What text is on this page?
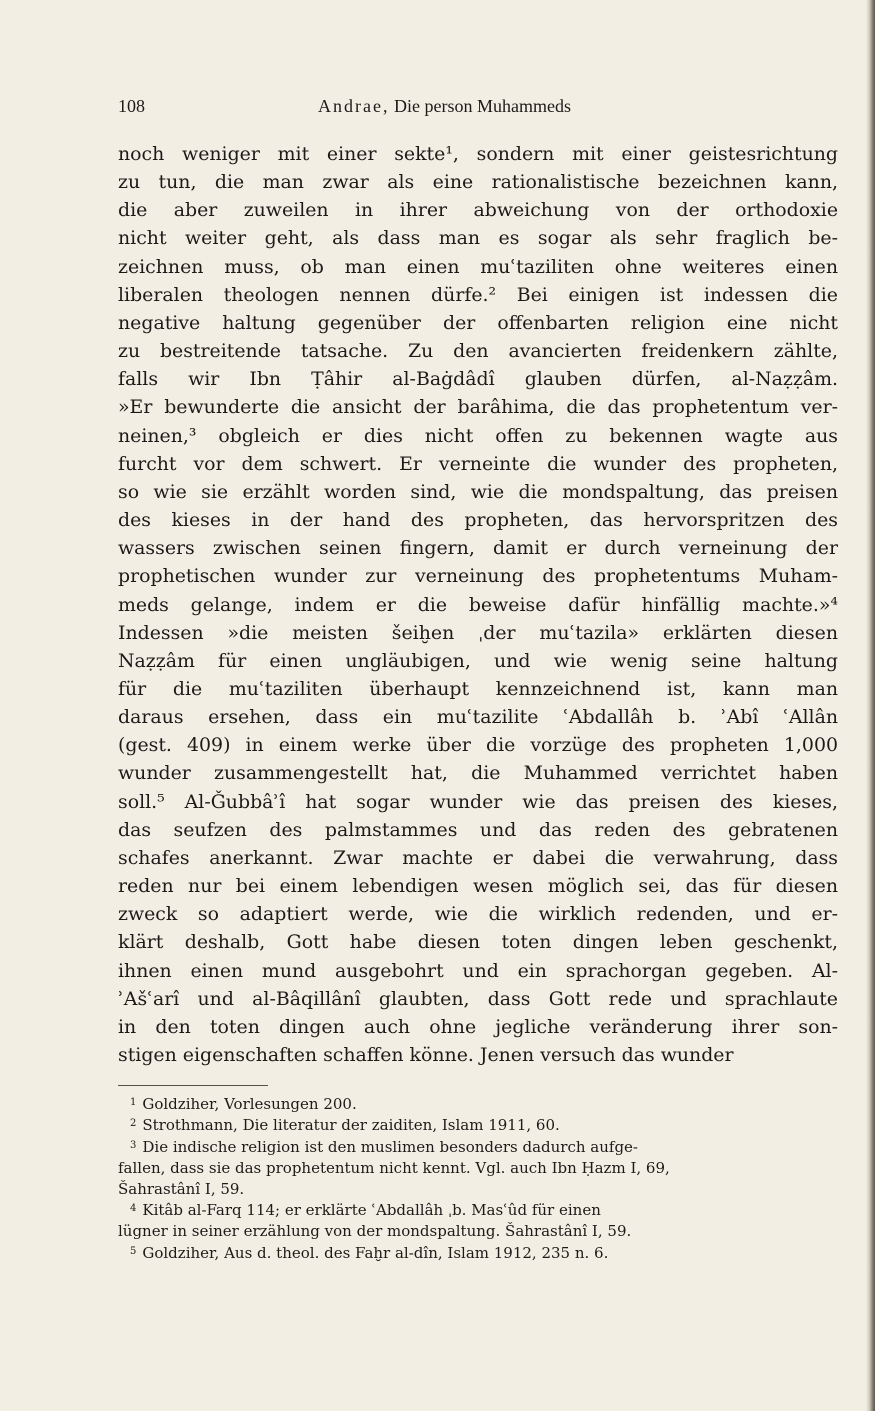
108	Andrae, Die person Muhammeds
noch weniger mit einer sekte¹, sondern mit einer geistesrichtung
zu tun, die man zwar als eine rationalistische bezeichnen kann,
die aber zuweilen in ihrer abweichung von der orthodoxie
nicht weiter geht, als dass man es sogar als sehr fraglich be-
zeichnen muss, ob man einen muʿtaziliten ohne weiteres einen
liberalen theologen nennen dürfe.² Bei einigen ist indessen die
negative haltung gegenüber der offenbarten religion eine nicht
zu bestreitende tatsache. Zu den avancierten freidenkern zählte,
falls wir Ibn Ṭâhir al-Baġdâdî glauben dürfen, al-Naẓẓâm.
»Er bewunderte die ansicht der barâhima, die das prophetentum ver-
neinen,³ obgleich er dies nicht offen zu bekennen wagte aus
furcht vor dem schwert. Er verneinte die wunder des propheten,
so wie sie erzählt worden sind, wie die mondspaltung, das preisen
des kieses in der hand des propheten, das hervorspritzen des
wassers zwischen seinen fingern, damit er durch verneinung der
prophetischen wunder zur verneinung des prophetentums Muham-
meds gelange, indem er die beweise dafür hinfällig machte.»⁴
Indessen »die meisten šeiḫen ˌder muʿtazila» erklärten diesen
Naẓẓâm für einen ungläubigen, und wie wenig seine haltung
für die muʿtaziliten überhaupt kennzeichnend ist, kann man
daraus ersehen, dass ein muʿtazilite ʿAbdallâh b. ʾAbî ʿAllân
(gest. 409) in einem werke über die vorzüge des propheten 1,000
wunder zusammengestellt hat, die Muhammed verrichtet haben
soll.⁵ Al-Ǧubbâʾî hat sogar wunder wie das preisen des kieses,
das seufzen des palmstammes und das reden des gebratenen
schafes anerkannt. Zwar machte er dabei die verwahrung, dass
reden nur bei einem lebendigen wesen möglich sei, das für diesen
zweck so adaptiert werde, wie die wirklich redenden, und er-
klärt deshalb, Gott habe diesen toten dingen leben geschenkt,
ihnen einen mund ausgebohrt und ein sprachorgan gegeben. Al-
ʾAšʿarî und al-Bâqillânî glaubten, dass Gott rede und sprachlaute
in den toten dingen auch ohne jegliche veränderung ihrer son-
stigen eigenschaften schaffen könne. Jenen versuch das wunder
$^1$ Goldziher, Vorlesungen 200.
$^2$ Strothmann, Die literatur der zaiditen, Islam 1911, 60.
$^3$ Die indische religion ist den muslimen besonders dadurch aufge-
fallen, dass sie das prophetentum nicht kennt. Vgl. auch Ibn Ḥazm I, 69,
Šahrastânî I, 59.
$^4$ Kitâb al-Farq 114; er erklärte ʿAbdallâh ˌb. Masʿûd für einen
lügner in seiner erzählung von der mondspaltung. Šahrastânî I, 59.
$^5$ Goldziher, Aus d. theol. des Faḫr al-dîn, Islam 1912, 235 n. 6.
